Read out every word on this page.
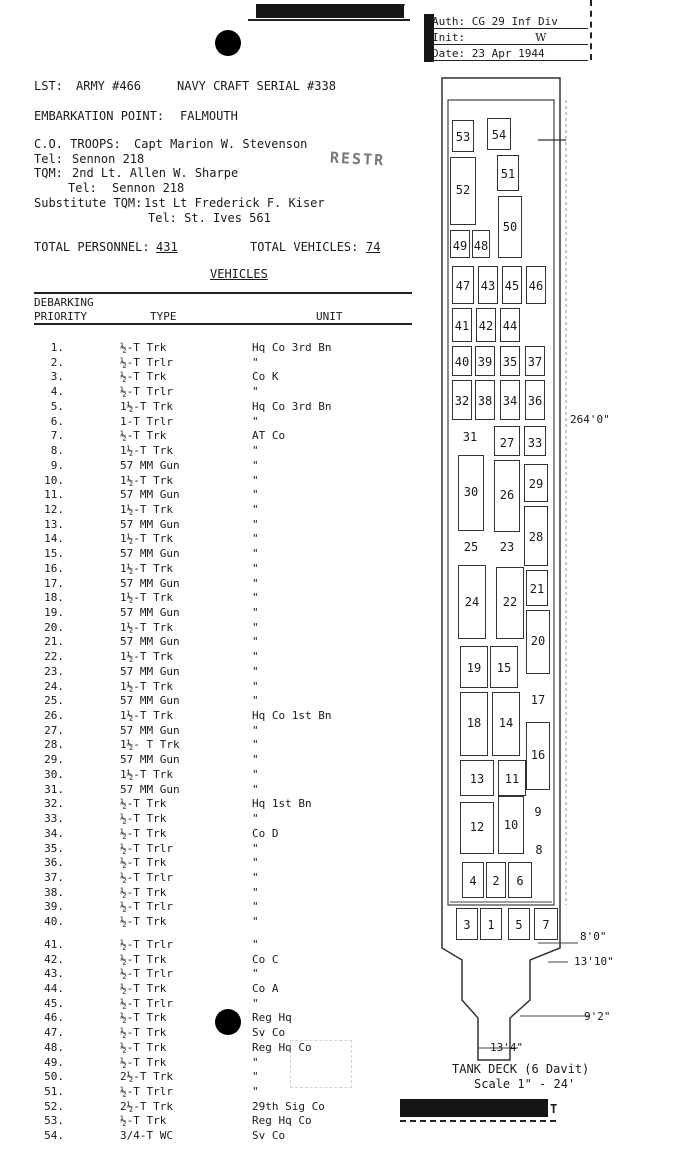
T
Auth: CG 29 Inf Div
Init:	W
Date: 23 Apr 1944
LST: ARMY #466	NAVY CRAFT SERIAL #338
EMBARKATION POINT: FALMOUTH
C.O. TROOPS: Capt Marion W. Stevenson
Tel: Sennon 218
TQM: 2nd Lt. Allen W. Sharpe
Tel: Sennon 218
Substitute TQM: 1st Lt Frederick F. Kiser
Tel: St. Ives 561
RESTR
TOTAL PERSONNEL: 431	TOTAL VEHICLES: 74
VEHICLES
DEBARKING
PRIORITY	TYPE	UNIT
1.	½-T Trk	Hq Co 3rd Bn
2.	½-T Trlr	"
3.	½-T Trk	Co K
4.	½-T Trlr	"
5.	1½-T Trk	Hq Co 3rd Bn
6.	1-T Trlr	"
7.	½-T Trk	AT Co
8.	1½-T Trk	"
9.	57 MM Gun	"
10.	1½-T Trk	"
11.	57 MM Gun	"
12.	1½-T Trk	"
13.	57 MM Gun	"
14.	1½-T Trk	"
15.	57 MM Gun	"
16.	1½-T Trk	"
17.	57 MM Gun	"
18.	1½-T Trk	"
19.	57 MM Gun	"
20.	1½-T Trk	"
21.	57 MM Gun	"
22.	1½-T Trk	"
23.	57 MM Gun	"
24.	1½-T Trk	"
25.	57 MM Gun	"
26.	1½-T Trk	Hq Co 1st Bn
27.	57 MM Gun	"
28.	1½- T Trk	"
29.	57 MM Gun	"
30.	1½-T Trk	"
31.	57 MM Gun	"
32.	½-T Trk	Hq 1st Bn
33.	½-T Trk	"
34.	½-T Trk	Co D
35.	½-T Trlr	"
36.	½-T Trk	"
37.	½-T Trlr	"
38.	½-T Trk	"
39.	½-T Trlr	"
40.	½-T Trk	"
41.	½-T Trlr	"
42.	½-T Trk	Co C
43.	½-T Trlr	"
44.	½-T Trk	Co A
45.	½-T Trlr	"
46.	½-T Trk	Reg Hq
47.	½-T Trk	Sv Co
48.	½-T Trk	Reg Hq Co
49.	½-T Trk	"
50.	2½-T Trk	"
51.	½-T Trlr	"
52.	2½-T Trk	29th Sig Co
53.	½-T Trk	Reg Hq Co
54.	3/4-T WC	Sv Co
53	54
52
51
49 48
50
47 43 45 46
41 42 44
40 39 35 37
32 38 34 36
31	27	33
29
30	26
28
25	23
24	22
21
20
19	15
18	14
17
16
13	11
9
12	10
8
4	2	6
3	1	5	7
264'0"
8'0"
13'10"
9'2"
13'4"
TANK DECK (6 Davit)
Scale 1" - 24'
T
